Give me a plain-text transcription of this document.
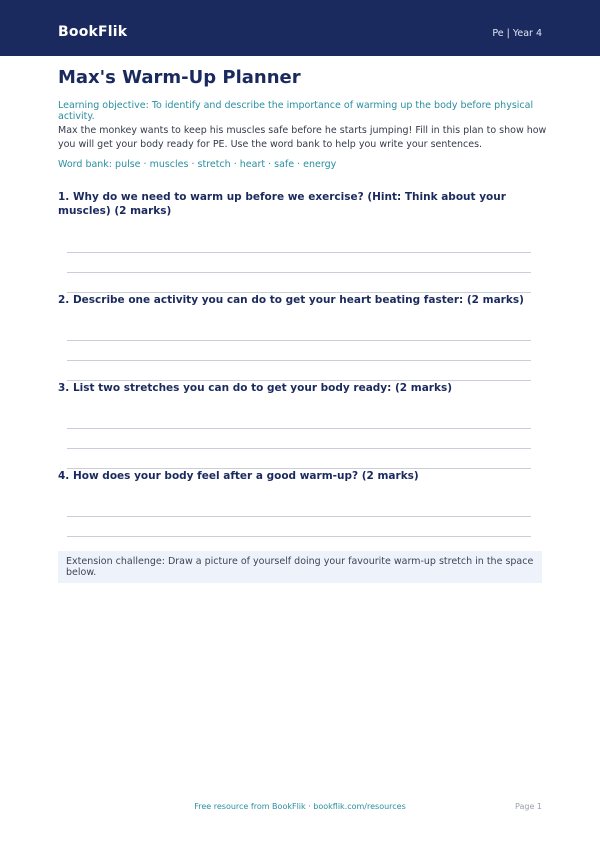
BookFlik	Pe | Year 4
Max's Warm-Up Planner
Learning objective: To identify and describe the importance of warming up the body before physical activity.
Max the monkey wants to keep his muscles safe before he starts jumping! Fill in this plan to show how you will get your body ready for PE. Use the word bank to help you write your sentences.
Word bank: pulse · muscles · stretch · heart · safe · energy
1. Why do we need to warm up before we exercise? (Hint: Think about your muscles) (2 marks)
2. Describe one activity you can do to get your heart beating faster: (2 marks)
3. List two stretches you can do to get your body ready: (2 marks)
4. How does your body feel after a good warm-up? (2 marks)
Extension challenge: Draw a picture of yourself doing your favourite warm-up stretch in the space below.
Free resource from BookFlik · bookflik.com/resources	Page 1
